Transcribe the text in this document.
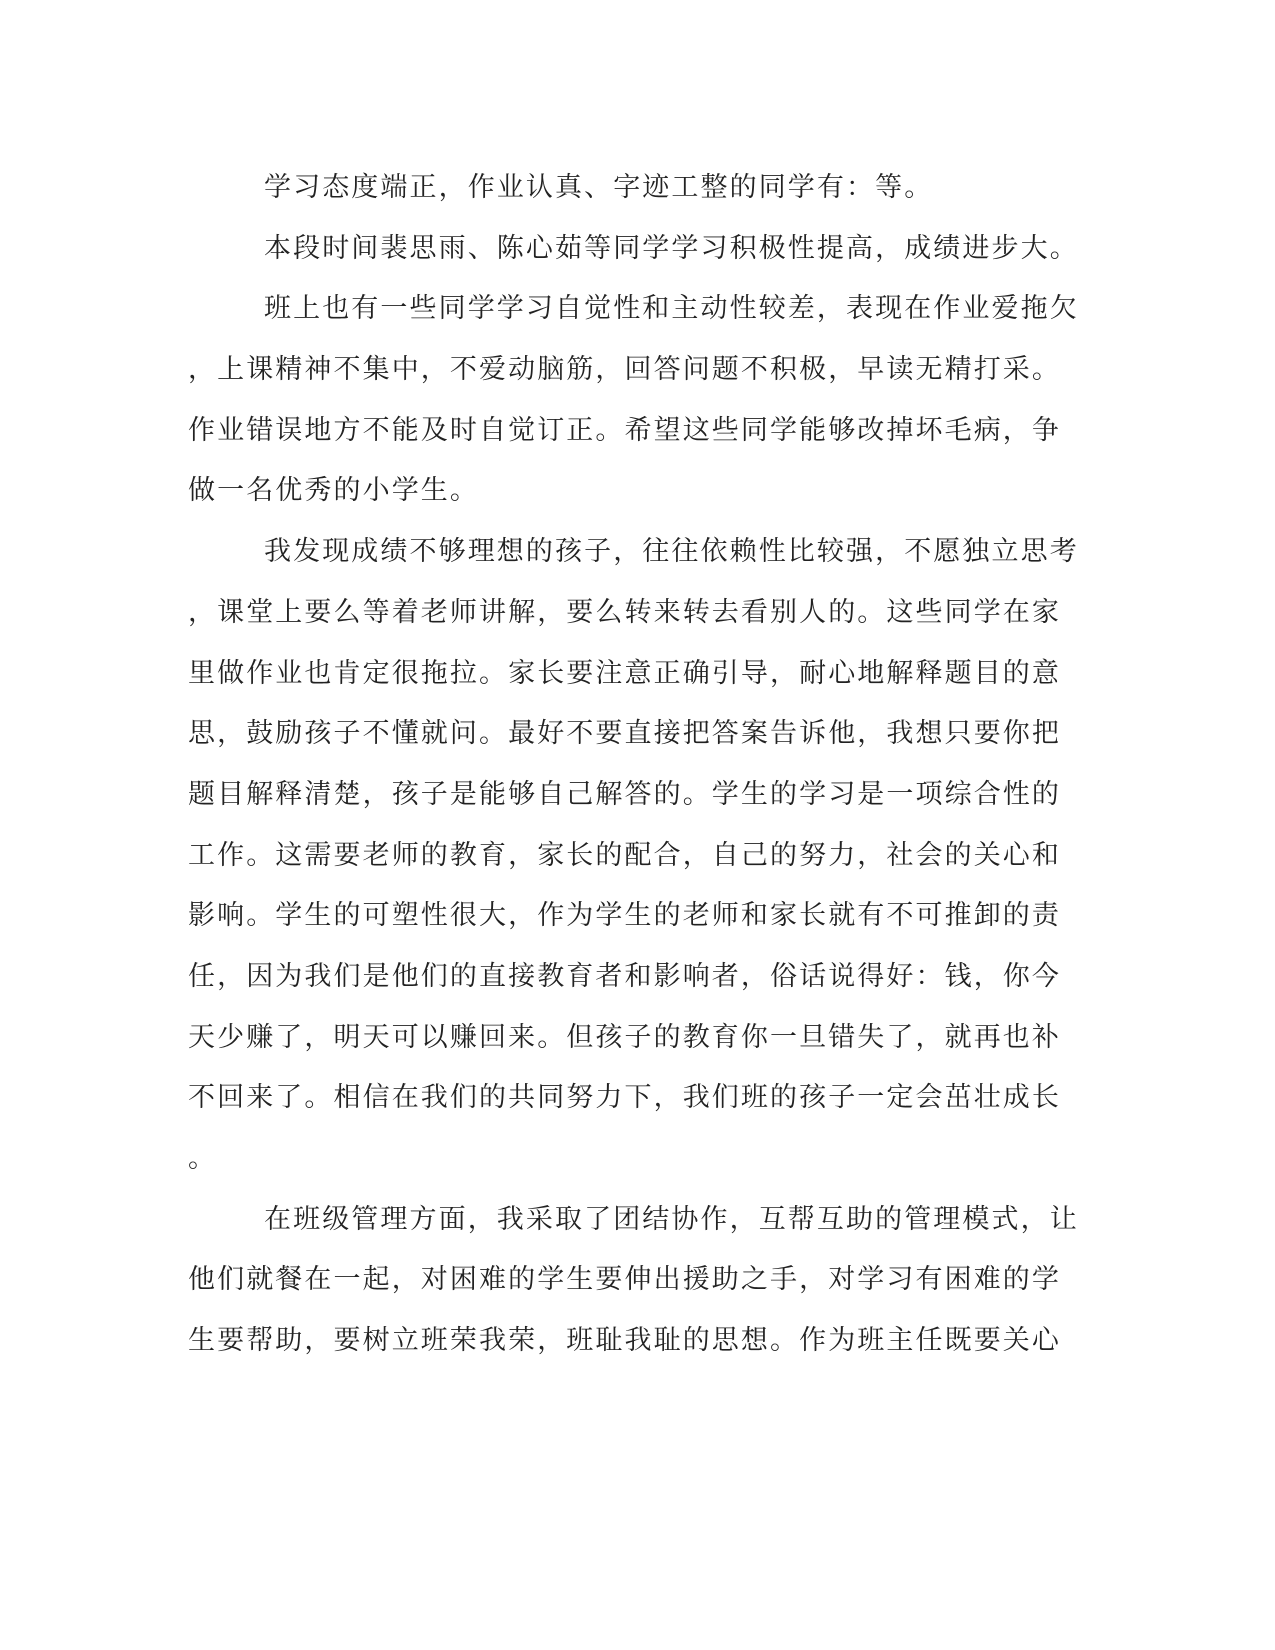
学习态度端正，作业认真、字迹工整的同学有：等。
本段时间裴思雨、陈心茹等同学学习积极性提高，成绩进步大。
班上也有一些同学学习自觉性和主动性较差，表现在作业爱拖欠
，上课精神不集中，不爱动脑筋，回答问题不积极，早读无精打采。
作业错误地方不能及时自觉订正。希望这些同学能够改掉坏毛病，争
做一名优秀的小学生。
我发现成绩不够理想的孩子，往往依赖性比较强，不愿独立思考
，课堂上要么等着老师讲解，要么转来转去看别人的。这些同学在家
里做作业也肯定很拖拉。家长要注意正确引导，耐心地解释题目的意
思，鼓励孩子不懂就问。最好不要直接把答案告诉他，我想只要你把
题目解释清楚，孩子是能够自己解答的。学生的学习是一项综合性的
工作。这需要老师的教育，家长的配合，自己的努力，社会的关心和
影响。学生的可塑性很大，作为学生的老师和家长就有不可推卸的责
任，因为我们是他们的直接教育者和影响者，俗话说得好：钱，你今
天少赚了，明天可以赚回来。但孩子的教育你一旦错失了，就再也补
不回来了。相信在我们的共同努力下，我们班的孩子一定会茁壮成长
。
在班级管理方面，我采取了团结协作，互帮互助的管理模式，让
他们就餐在一起，对困难的学生要伸出援助之手，对学习有困难的学
生要帮助，要树立班荣我荣，班耻我耻的思想。作为班主任既要关心
